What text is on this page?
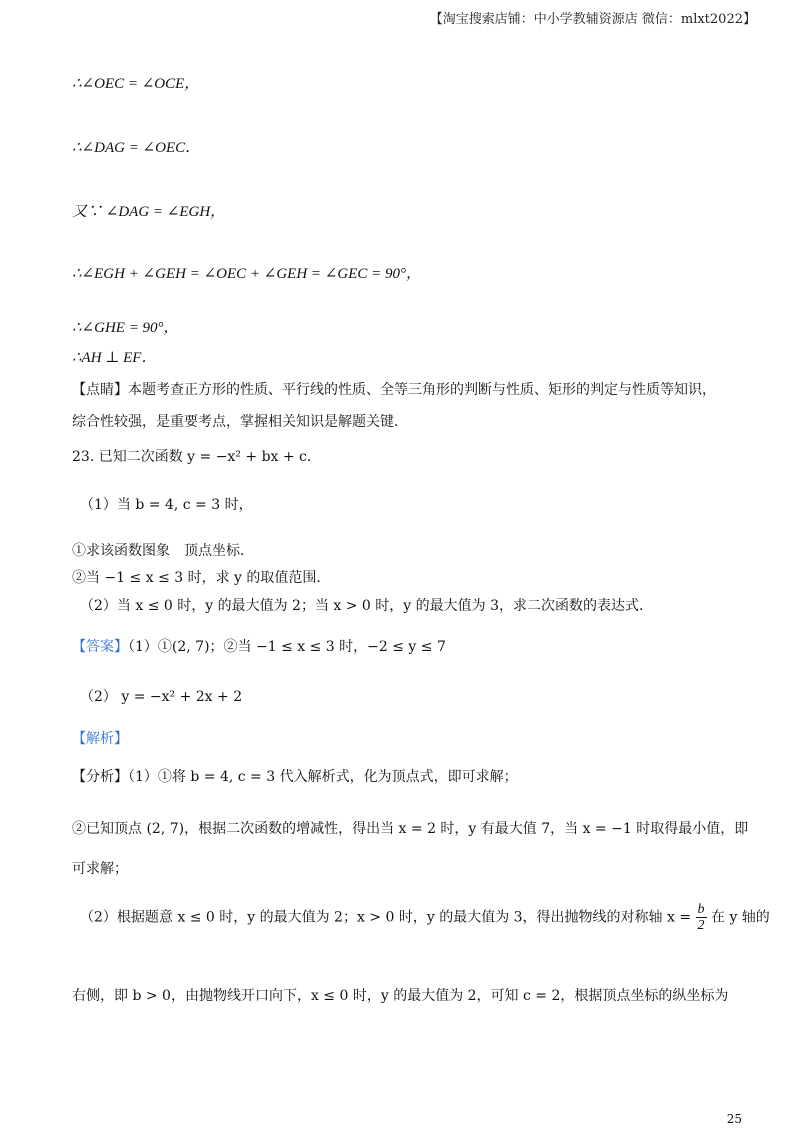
【淘宝搜索店铺：中小学教辅资源店 微信：mlxt2022】
∴∠OEC = ∠OCE，
∴∠DAG = ∠OEC．
又∵ ∠DAG = ∠EGH，
∴∠EGH + ∠GEH = ∠OEC + ∠GEH = ∠GEC = 90°，
∴∠GHE = 90°，
∴AH ⊥ EF．
【点睛】本题考查正方形的性质、平行线的性质、全等三角形的判断与性质、矩形的判定与性质等知识，
综合性较强，是重要考点，掌握相关知识是解题关键．
23. 已知二次函数 y = −x² + bx + c．
（1）当 b = 4, c = 3 时，
①求该函数图象　顶点坐标．
②当 −1 ≤ x ≤ 3 时，求 y 的取值范围．
（2）当 x ≤ 0 时，y 的最大值为 2；当 x > 0 时，y 的最大值为 3，求二次函数的表达式．
【答案】（1）①(2, 7)；②当 −1 ≤ x ≤ 3 时，−2 ≤ y ≤ 7
（2） y = −x² + 2x + 2
【解析】
【分析】（1）①将 b = 4, c = 3 代入解析式，化为顶点式，即可求解；
②已知顶点 (2, 7)，根据二次函数的增减性，得出当 x = 2 时，y 有最大值 7，当 x = −1 时取得最小值，即
可求解；
（2）根据题意 x ≤ 0 时，y 的最大值为 2；x > 0 时，y 的最大值为 3，得出抛物线的对称轴 $x = \frac{b}{2}$ 在 y 轴的
右侧，即 b > 0，由抛物线开口向下，x ≤ 0 时，y 的最大值为 2，可知 c = 2，根据顶点坐标的纵坐标为
25
